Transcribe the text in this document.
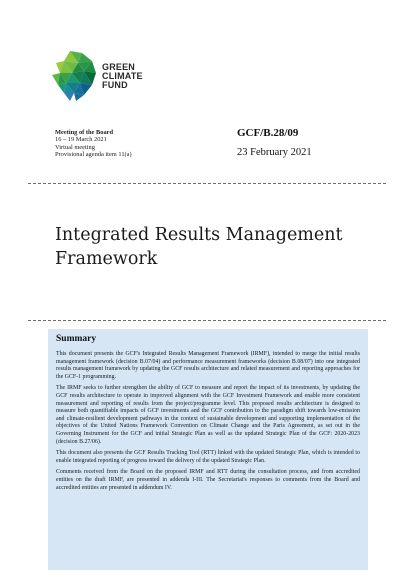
GREEN
CLIMATE
FUND
Meeting of the Board
16 – 19 March 2021
Virtual meeting
Provisional agenda item 11(a)
GCF/B.28/09
23 February 2021
Integrated Results Management
Framework
Summary

This document presents the GCF's Integrated Results Management Framework (IRMF), intended to merge the initial results management framework (decision B.07/04) and performance measurement frameworks (decision B.08/07) into one integrated results management framework by updating the GCF results architecture and related measurement and reporting approaches for the GCF-1 programming.

The IRMF seeks to further strengthen the ability of GCF to measure and report the impact of its investments, by updating the GCF results architecture to operate in improved alignment with the GCF Investment Framework and enable more consistent measurement and reporting of results from the project/programme level. This proposed results architecture is designed to measure both quantifiable impacts of GCF investments and the GCF contribution to the paradigm shift towards low-emission and climate-resilient development pathways in the context of sustainable development and supporting implementation of the objectives of the United Nations Framework Convention on Climate Change and the Paris Agreement, as set out in the Governing Instrument for the GCF and initial Strategic Plan as well as the updated Strategic Plan of the GCF: 2020-2023 (decision B.27/06).

This document also presents the GCF Results Tracking Tool (RTT) linked with the updated Strategic Plan, which is intended to enable integrated reporting of progress toward the delivery of the updated Strategic Plan.

Comments received from the Board on the proposed IRMF and RTT during the consultation process, and from accredited entities on the draft IRMF, are presented in addenda I-III. The Secretariat's responses to comments from the Board and accredited entities are presented in addendum IV.
